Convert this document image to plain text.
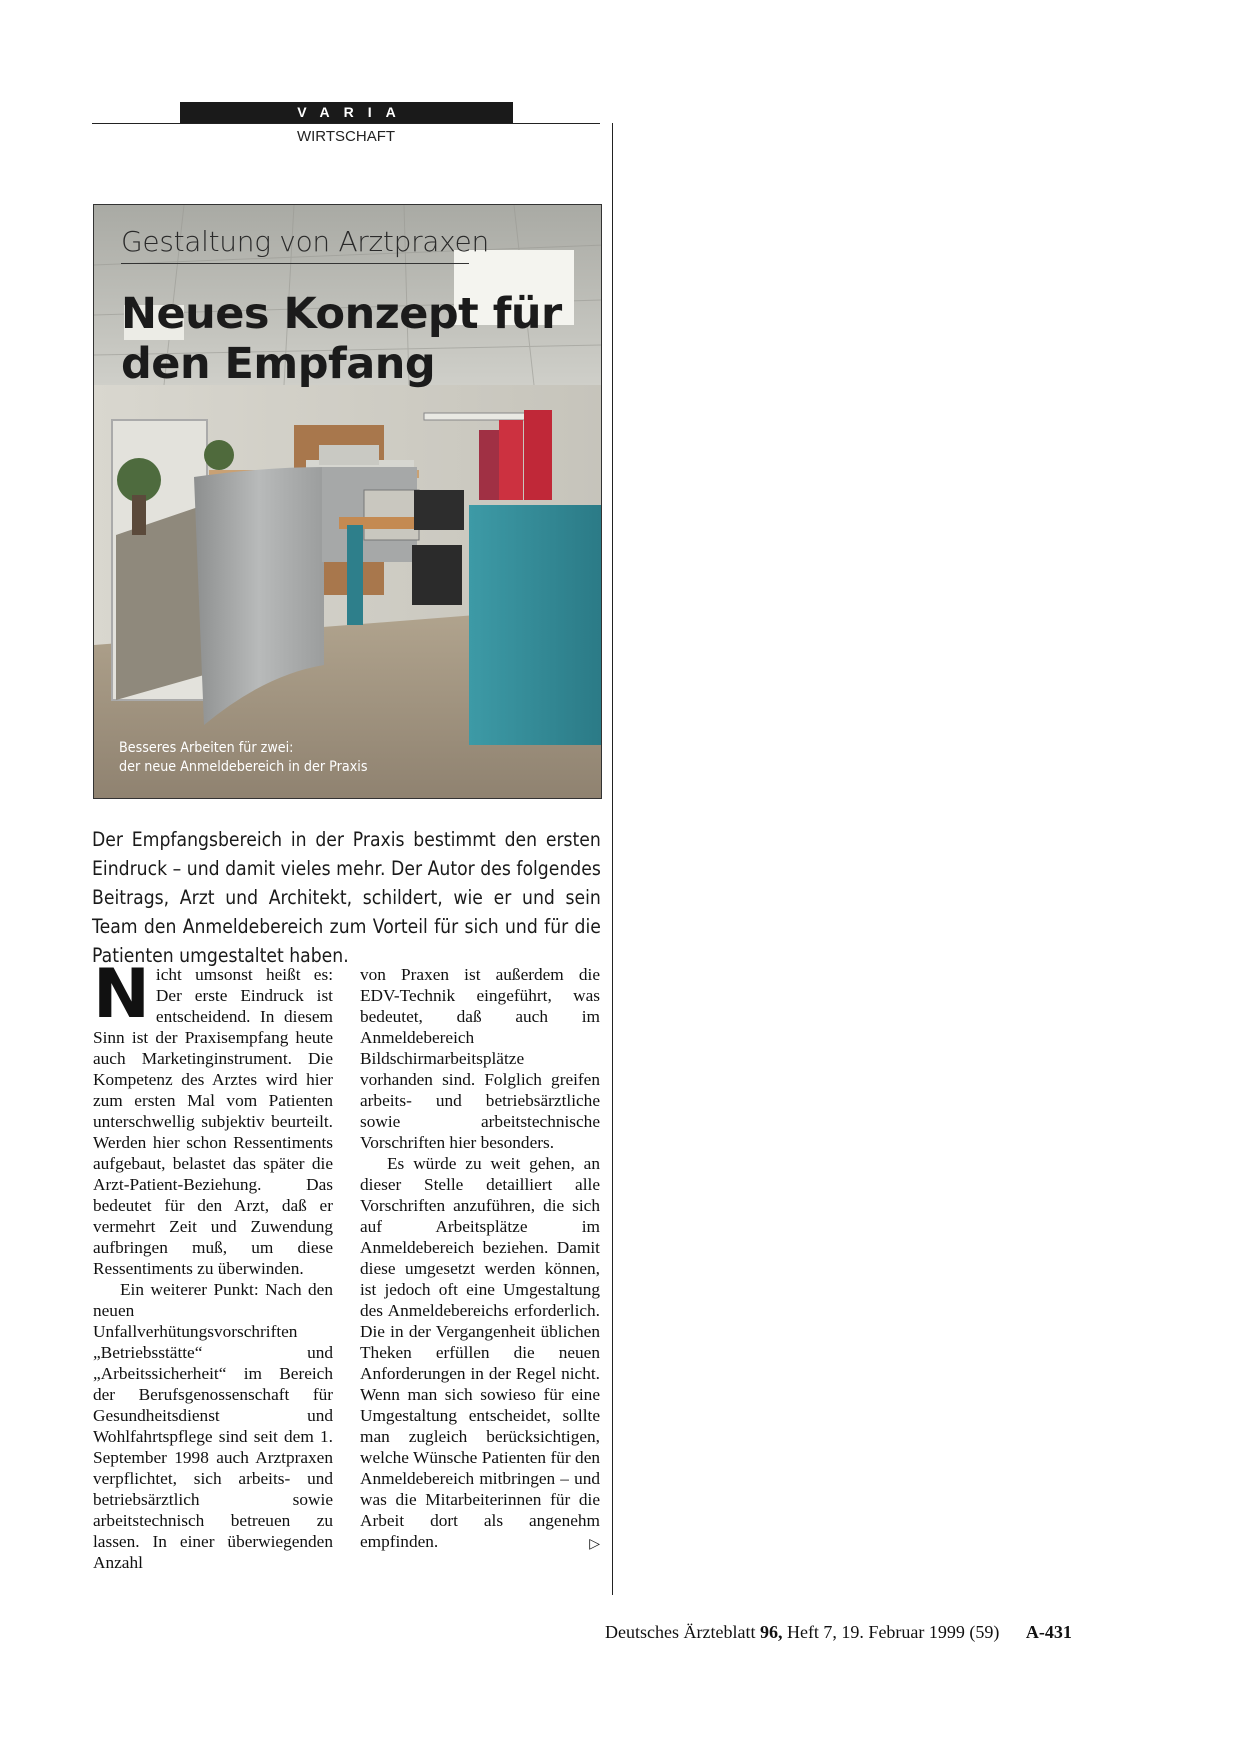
VARIA
WIRTSCHAFT
Gestaltung von Arztpraxen
Neues Konzept für
den Empfang
Besseres Arbeiten für zwei:
der neue Anmeldebereich in der Praxis
Der Empfangsbereich in der Praxis bestimmt den ersten Eindruck – und damit vieles mehr. Der Autor des folgendes Beitrags, Arzt und Architekt, schildert, wie er und sein Team den Anmeldebereich zum Vorteil für sich und für die Patienten umgestaltet haben.

Nicht umsonst heißt es: Der erste Eindruck ist entscheidend. In diesem Sinn ist der Praxisempfang heute auch Marketinginstrument. Die Kompetenz des Arztes wird hier zum ersten Mal vom Patienten unterschwellig subjektiv beurteilt. Werden hier schon Ressentiments aufgebaut, belastet das später die Arzt-Patient-Beziehung. Das bedeutet für den Arzt, daß er vermehrt Zeit und Zuwendung aufbringen muß, um diese Ressentiments zu überwinden.

Ein weiterer Punkt: Nach den neuen Unfallverhütungsvorschriften „Betriebsstätte“ und „Arbeitssicherheit“ im Bereich der Berufsgenossenschaft für Gesundheitsdienst und Wohlfahrtspflege sind seit dem 1. September 1998 auch Arztpraxen verpflichtet, sich arbeits- und betriebsärztlich sowie arbeitstechnisch betreuen zu lassen. In einer überwiegenden Anzahl

von Praxen ist außerdem die EDV-Technik eingeführt, was bedeutet, daß auch im Anmeldebereich Bildschirmarbeitsplätze vorhanden sind. Folglich greifen arbeits- und betriebsärztliche sowie arbeitstechnische Vorschriften hier besonders.

Es würde zu weit gehen, an dieser Stelle detailliert alle Vorschriften anzuführen, die sich auf Arbeitsplätze im Anmeldebereich beziehen. Damit diese umgesetzt werden können, ist jedoch oft eine Umgestaltung des Anmeldebereichs erforderlich. Die in der Vergangenheit üblichen Theken erfüllen die neuen Anforderungen in der Regel nicht. Wenn man sich sowieso für eine Umgestaltung entscheidet, sollte man zugleich berücksichtigen, welche Wünsche Patienten für den Anmeldebereich mitbringen – und was die Mitarbeiterinnen für die Arbeit dort als angenehm empfinden.	▷

Deutsches Ärzteblatt 96, Heft 7, 19. Februar 1999 (59) A-431
